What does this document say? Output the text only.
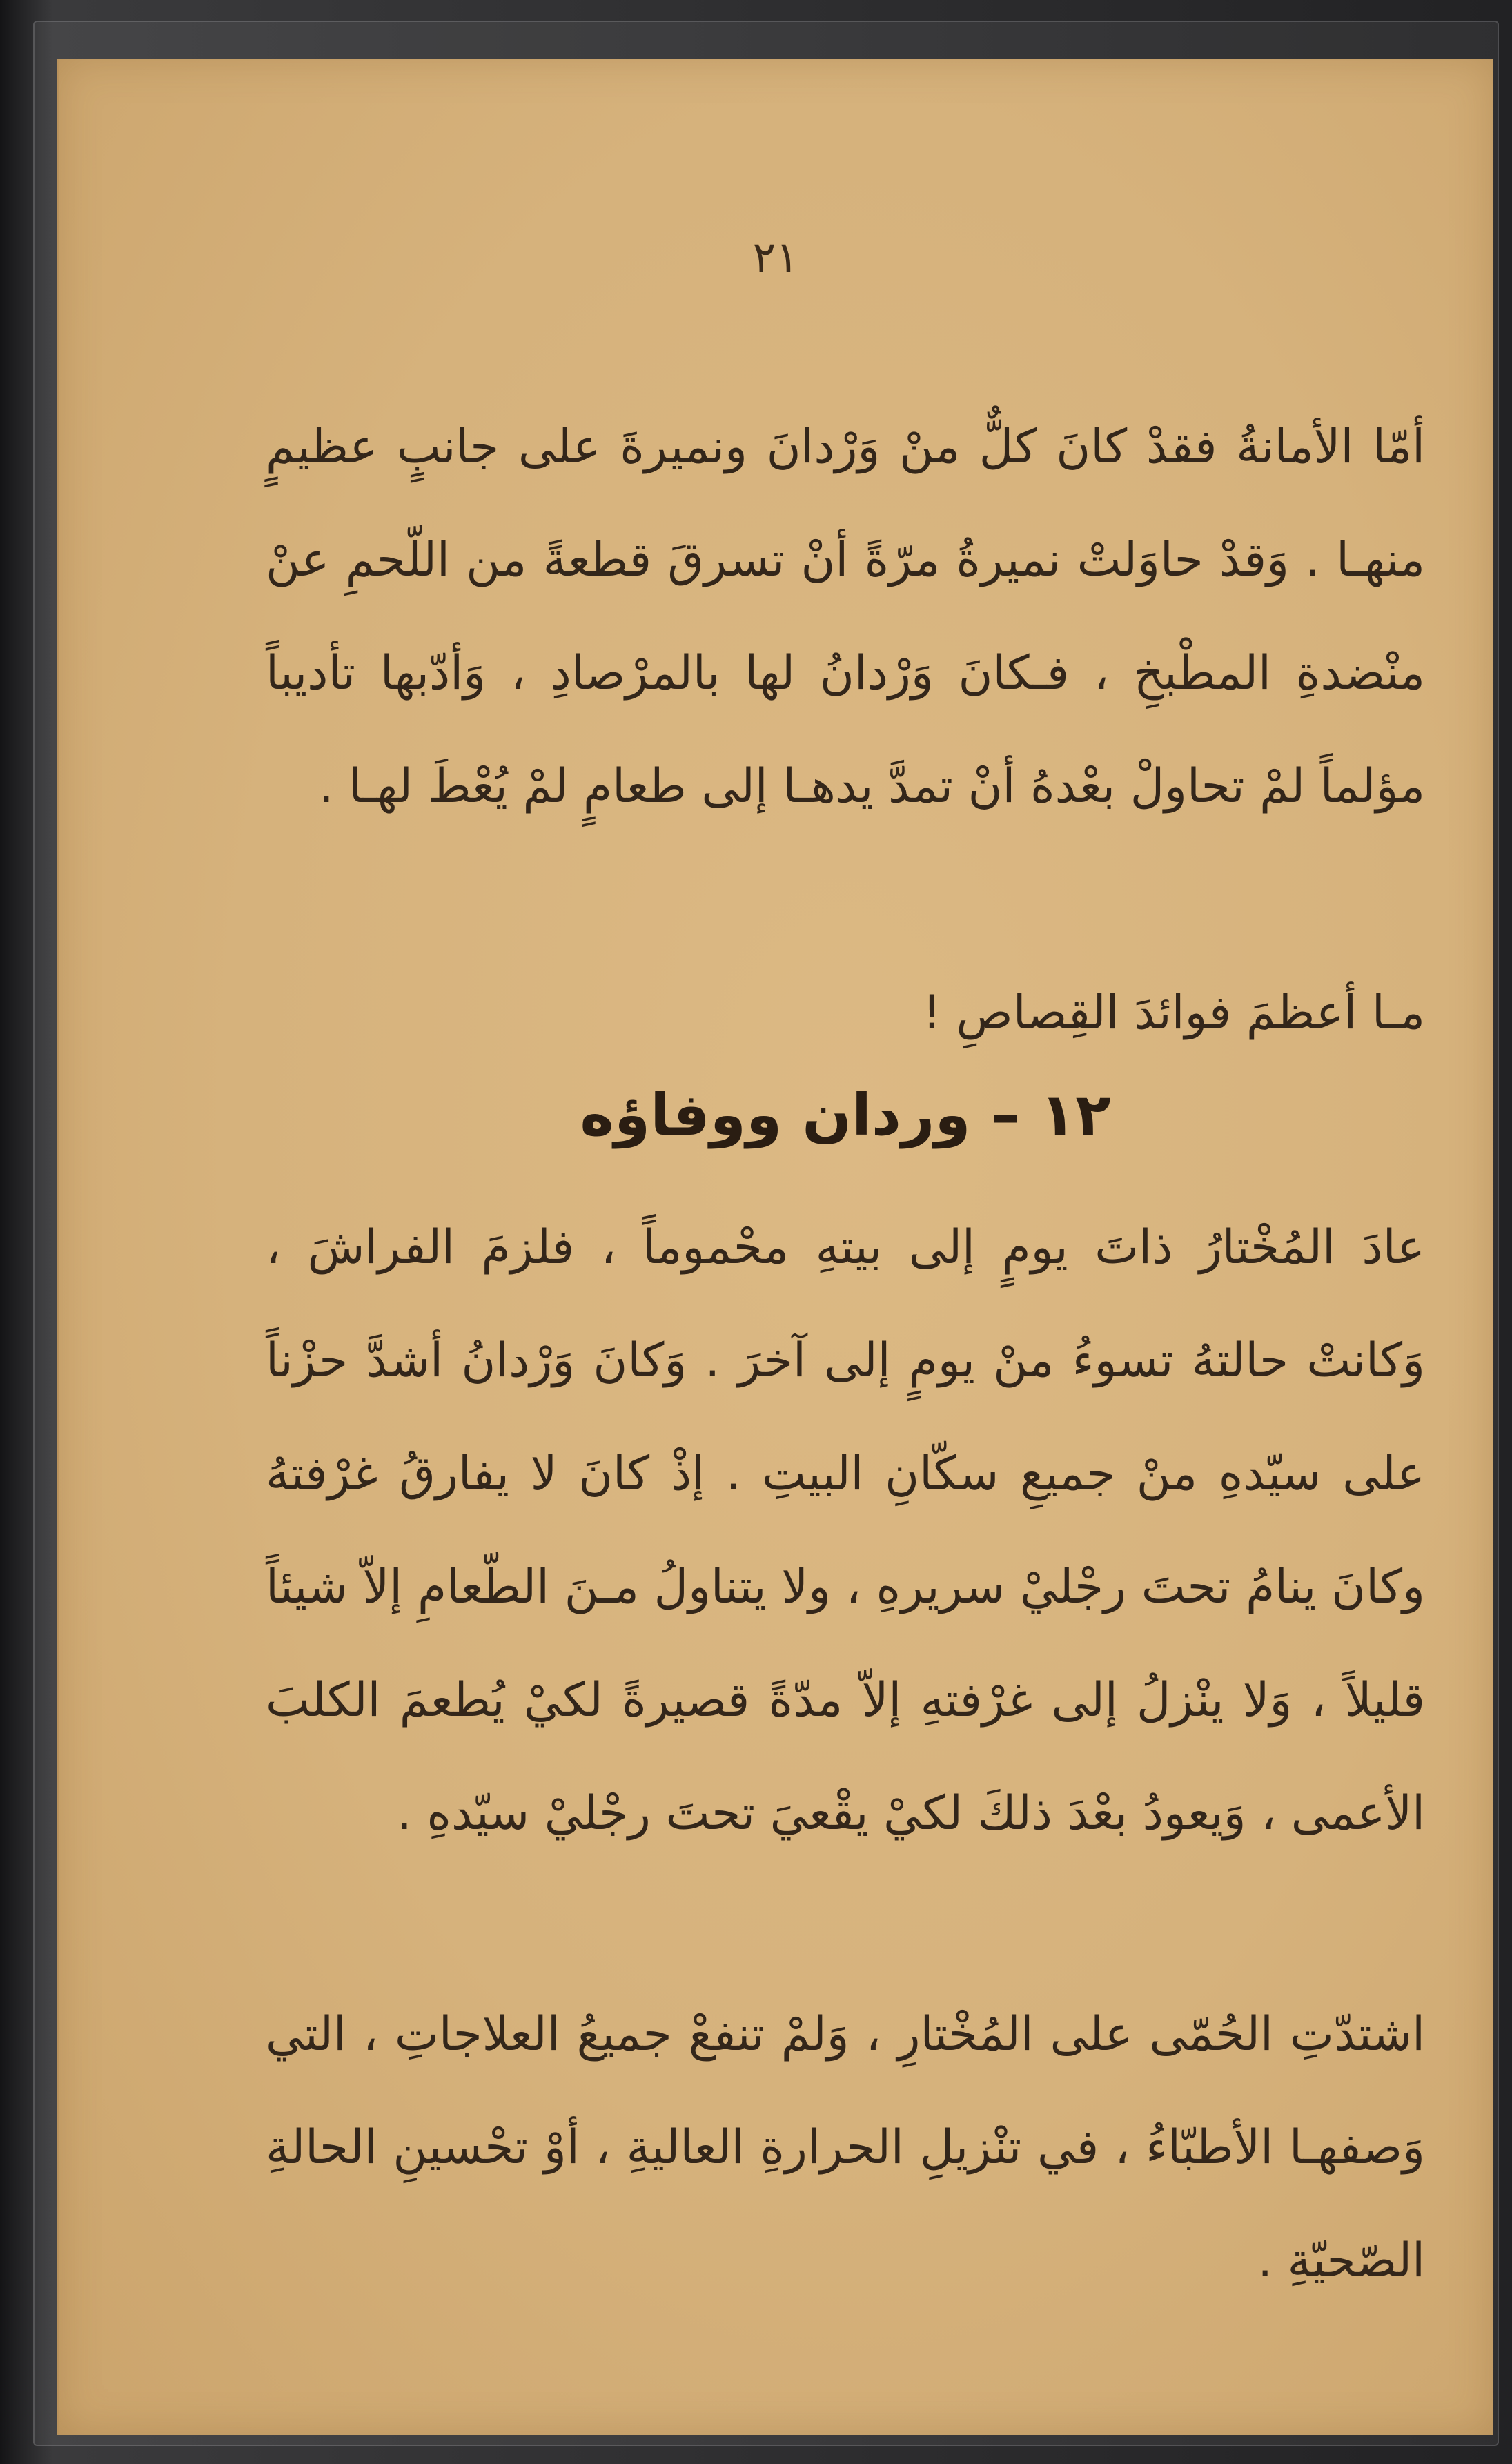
٢١

أمّا الأمانةُ فقدْ كانَ كلٌّ منْ وَرْدانَ ونميرةَ على جانبٍ عظيمٍ منهـا . وَقدْ حاوَلتْ نميرةُ مرّةً أنْ تسرقَ قطعةً من اللّحمِ عنْ منْضدةِ المطْبخِ ، فـكانَ وَرْدانُ لها بالمرْصادِ ، وَأدّبها تأديباً مؤلماً لمْ تحاولْ بعْدهُ أنْ تمدَّ يدهـا إلى طعامٍ لمْ يُعْطَ لهـا .

مـا أعظمَ فوائدَ القِصاصِ !

١٢ – وردان ووفاؤه

عادَ المُخْتارُ ذاتَ يومٍ إلى بيتهِ محْموماً ، فلزمَ الفراشَ ، وَكانتْ حالتهُ تسوءُ منْ يومٍ إلى آخرَ . وَكانَ وَرْدانُ أشدَّ حزْناً على سيّدهِ منْ جميعِ سكّانِ البيتِ . إذْ كانَ لا يفارقُ غرْفتهُ وكانَ ينامُ تحتَ رجْليْ سريرهِ ، ولا يتناولُ مـنَ الطّعامِ إلاّ شيئاً قليلاً ، وَلا ينْزلُ إلى غرْفتهِ إلاّ مدّةً قصيرةً لكيْ يُطعمَ الكلبَ الأعمى ، وَيعودُ بعْدَ ذلكَ لكيْ يقْعيَ تحتَ رجْليْ سيّدهِ .

اشتدّتِ الحُمّى على المُخْتارِ ، وَلمْ تنفعْ جميعُ العلاجاتِ ، التي وَصفهـا الأطبّاءُ ، في تنْزيلِ الحرارةِ العاليةِ ، أوْ تحْسينِ الحالةِ الصّحيّةِ .
